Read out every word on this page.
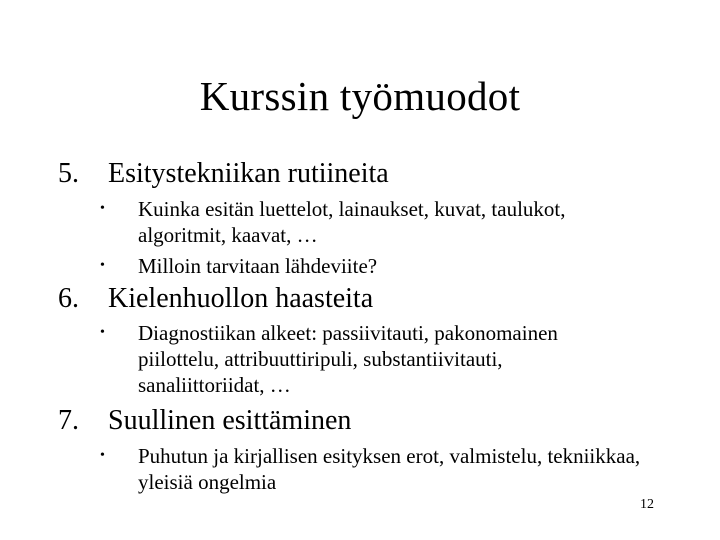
Kurssin työmuodot
5. Esitystekniikan rutiineita
• Kuinka esitän luettelot, lainaukset, kuvat, taulukot, algoritmit, kaavat, …
• Milloin tarvitaan lähdeviite?
6. Kielenhuollon haasteita
• Diagnostiikan alkeet: passiivitauti, pakonomainen piilottelu, attribuuttiripuli, substantiivitauti, sanaliittoriidat, …
7. Suullinen esittäminen
• Puhutun ja kirjallisen esityksen erot, valmistelu, tekniikkaa, yleisiä ongelmia
12
